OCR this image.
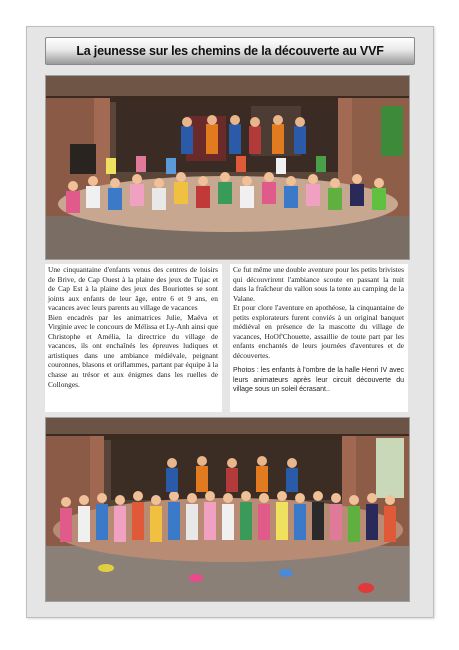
La jeunesse sur les chemins de la découverte au VVF

Une cinquantaine d'enfants venus des centres de loisirs de Brive, de Cap Ouest à la plaine des jeux de Tujac et de Cap Est à la plaine des jeux des Bouriottes se sont joints aux enfants de leur âge, entre 6 et 9 ans, en vacances avec leurs parents au village de vacances

Bien encadrés par les animatrices Julie, Maëva et Virginie avec le concours de Mélissa et Ly-Anh ainsi que Christophe et Amélia, la directrice du village de vacances, ils ont enchaînés les épreuves ludiques et artistiques dans une ambiance médiévale, peignant couronnes, blasons et oriflammes, partant par équipe à la chasse au trésor et aux énigmes dans les ruelles de Collonges.

Ce fut même une double aventure pour les petits brivistes qui découvrirent l'ambiance scoute en passant la nuit dans la fraîcheur du vallon sous la tente au camping de la Valane.

Et pour clore l'aventure en apothéose, la cinquantaine de petits explorateurs furent conviés à un original banquet médiéval en présence de la mascotte du village de vacances, HoOf'Chouette, assaillie de toute part par les enfants enchantés de leurs journées d'aventures et de découvertes.

Photos : les enfants à l'ombre de la halle Henri IV avec leurs animateurs après leur circuit découverte du village sous un soleil écrasant..
